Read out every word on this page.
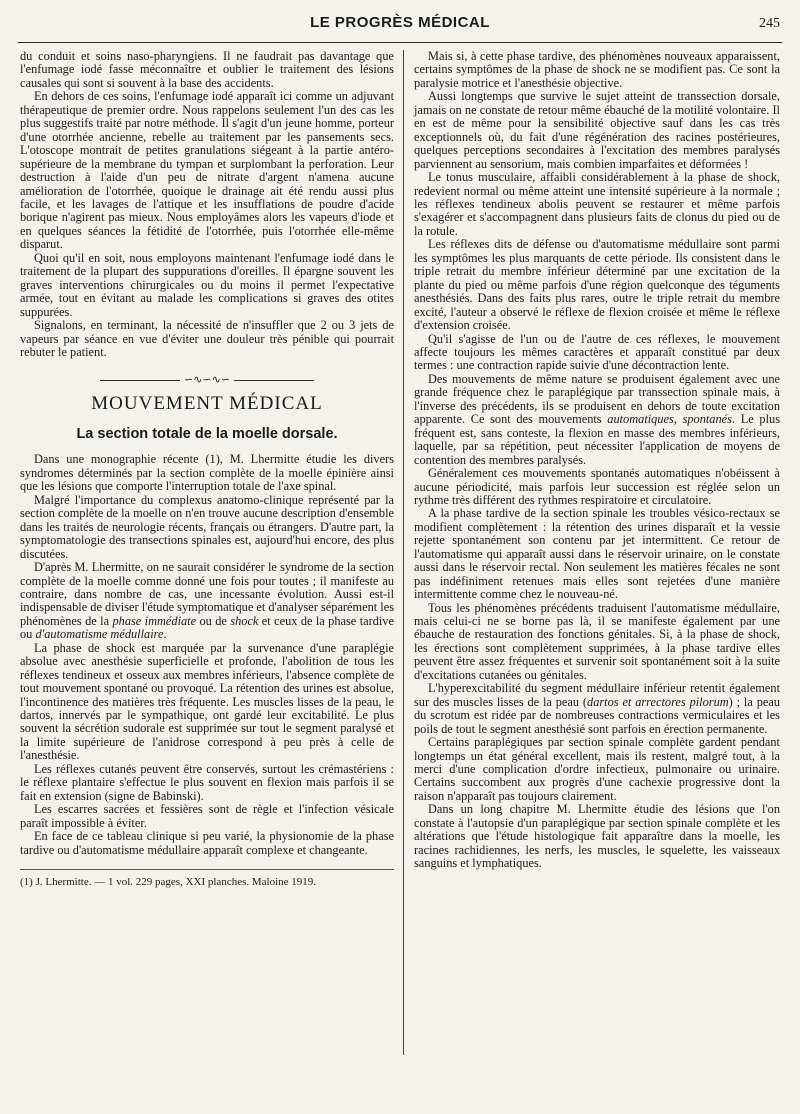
LE PROGRÈS MÉDICAL	245

du conduit et soins naso-pharyngiens. Il ne faudrait pas davantage que l'enfumage iodé fasse méconnaître et oublier le traitement des lésions causales qui sont si souvent à la base des accidents.

En dehors de ces soins, l'enfumage iodé apparaît ici comme un adjuvant thérapeutique de premier ordre. Nous rappelons seulement l'un des cas les plus suggestifs traité par notre méthode. Il s'agit d'un jeune homme, porteur d'une otorrhée ancienne, rebelle au traitement par les pansements secs. L'otoscope montrait de petites granulations siégeant à la partie antéro-supérieure de la membrane du tympan et surplombant la perforation. Leur destruction à l'aide d'un peu de nitrate d'argent n'amena aucune amélioration de l'otorrhée, quoique le drainage ait été rendu aussi plus facile, et les lavages de l'attique et les insufflations de poudre d'acide borique n'agirent pas mieux. Nous employâmes alors les vapeurs d'iode et en quelques séances la fétidité de l'otorrhée, puis l'otorrhée elle-même disparut.

Quoi qu'il en soit, nous employons maintenant l'enfumage iodé dans le traitement de la plupart des suppurations d'oreilles. Il épargne souvent les graves interventions chirurgicales ou du moins il permet l'expectative armée, tout en évitant au malade les complications si graves des otites suppurées.

Signalons, en terminant, la nécessité de n'insuffler que 2 ou 3 jets de vapeurs par séance en vue d'éviter une douleur très pénible qui pourrait rebuter le patient.

∽∿∽∿∽
MOUVEMENT MÉDICAL
La section totale de la moelle dorsale.

Dans une monographie récente (1), M. Lhermitte étudie les divers syndromes déterminés par la section complète de la moelle épinière ainsi que les lésions que comporte l'interruption totale de l'axe spinal.

Malgré l'importance du complexus anatomo-clinique représenté par la section complète de la moelle on n'en trouve aucune description d'ensemble dans les traités de neurologie récents, français ou étrangers. D'autre part, la symptomatologie des transections spinales est, aujourd'hui encore, des plus discutées.

D'après M. Lhermitte, on ne saurait considérer le syndrome de la section complète de la moelle comme donné une fois pour toutes ; il manifeste au contraire, dans nombre de cas, une incessante évolution. Aussi est-il indispensable de diviser l'étude symptomatique et d'analyser séparément les phénomènes de la phase immédiate ou de shock et ceux de la phase tardive ou d'automatisme médullaire.

La phase de shock est marquée par la survenance d'une paraplégie absolue avec anesthésie superficielle et profonde, l'abolition de tous les réflexes tendineux et osseux aux membres inférieurs, l'absence complète de tout mouvement spontané ou provoqué. La rétention des urines est absolue, l'incontinence des matières très fréquente. Les muscles lisses de la peau, le dartos, innervés par le sympathique, ont gardé leur excitabilité. Le plus souvent la sécrétion sudorale est supprimée sur tout le segment paralysé et la limite supérieure de l'anidrose correspond à peu près à celle de l'anesthésie.

Les réflexes cutanés peuvent être conservés, surtout les crémastériens : le réflexe plantaire s'effectue le plus souvent en flexion mais parfois il se fait en extension (signe de Babinski).

Les escarres sacrées et fessières sont de règle et l'infection vésicale paraît impossible à éviter.

En face de ce tableau clinique si peu varié, la physionomie de la phase tardive ou d'automatisme médullaire apparaît complexe et changeante.

(1) J. Lhermitte. — 1 vol. 229 pages, XXI planches. Maloine 1919.

Mais si, à cette phase tardive, des phénomènes nouveaux apparaissent, certains symptômes de la phase de shock ne se modifient pas. Ce sont la paralysie motrice et l'anesthésie objective.

Aussi longtemps que survive le sujet atteint de transsection dorsale, jamais on ne constate de retour même ébauché de la motilité volontaire. Il en est de même pour la sensibilité objective sauf dans les cas très exceptionnels où, du fait d'une régénération des racines postérieures, quelques perceptions secondaires à l'excitation des membres paralysés parviennent au sensorium, mais combien imparfaites et déformées !

Le tonus musculaire, affaibli considérablement à la phase de shock, redevient normal ou même atteint une intensité supérieure à la normale ; les réflexes tendineux abolis peuvent se restaurer et même parfois s'exagérer et s'accompagnent dans plusieurs faits de clonus du pied ou de la rotule.

Les réflexes dits de défense ou d'automatisme médullaire sont parmi les symptômes les plus marquants de cette période. Ils consistent dans le triple retrait du membre inférieur déterminé par une excitation de la plante du pied ou même parfois d'une région quelconque des téguments anesthésiés. Dans des faits plus rares, outre le triple retrait du membre excité, l'auteur a observé le réflexe de flexion croisée et même le réflexe d'extension croisée.

Qu'il s'agisse de l'un ou de l'autre de ces réflexes, le mouvement affecte toujours les mêmes caractères et apparaît constitué par deux termes : une contraction rapide suivie d'une décontraction lente.

Des mouvements de même nature se produisent également avec une grande fréquence chez le paraplégique par transsection spinale mais, à l'inverse des précédents, ils se produisent en dehors de toute excitation apparente. Ce sont des mouvements automatiques, spontanés. Le plus fréquent est, sans conteste, la flexion en masse des membres inférieurs, laquelle, par sa répétition, peut nécessiter l'application de moyens de contention des membres paralysés.

Généralement ces mouvements spontanés automatiques n'obéissent à aucune périodicité, mais parfois leur succession est réglée selon un rythme très différent des rythmes respiratoire et circulatoire.

A la phase tardive de la section spinale les troubles vésico-rectaux se modifient complètement : la rétention des urines disparaît et la vessie rejette spontanément son contenu par jet intermittent. Ce retour de l'automatisme qui apparaît aussi dans le réservoir urinaire, on le constate aussi dans le réservoir rectal. Non seulement les matières fécales ne sont pas indéfiniment retenues mais elles sont rejetées d'une manière intermittente comme chez le nouveau-né.

Tous les phénomènes précédents traduisent l'automatisme médullaire, mais celui-ci ne se borne pas là, il se manifeste également par une ébauche de restauration des fonctions génitales. Si, à la phase de shock, les érections sont complètement supprimées, à la phase tardive elles peuvent être assez fréquentes et survenir soit spontanément soit à la suite d'excitations cutanées ou génitales.

L'hyperexcitabilité du segment médullaire inférieur retentit également sur des muscles lisses de la peau (dartos et arrectores pilorum) ; la peau du scrotum est ridée par de nombreuses contractions vermiculaires et les poils de tout le segment anesthésié sont parfois en érection permanente.

Certains paraplégiques par section spinale complète gardent pendant longtemps un état général excellent, mais ils restent, malgré tout, à la merci d'une complication d'ordre infectieux, pulmonaire ou urinaire. Certains succombent aux progrès d'une cachexie progressive dont la raison n'apparaît pas toujours clairement.

Dans un long chapitre M. Lhermitte étudie des lésions que l'on constate à l'autopsie d'un paraplégique par section spinale complète et les altérations que l'étude histologique fait apparaître dans la moelle, les racines rachidiennes, les nerfs, les muscles, le squelette, les vaisseaux sanguins et lymphatiques.
